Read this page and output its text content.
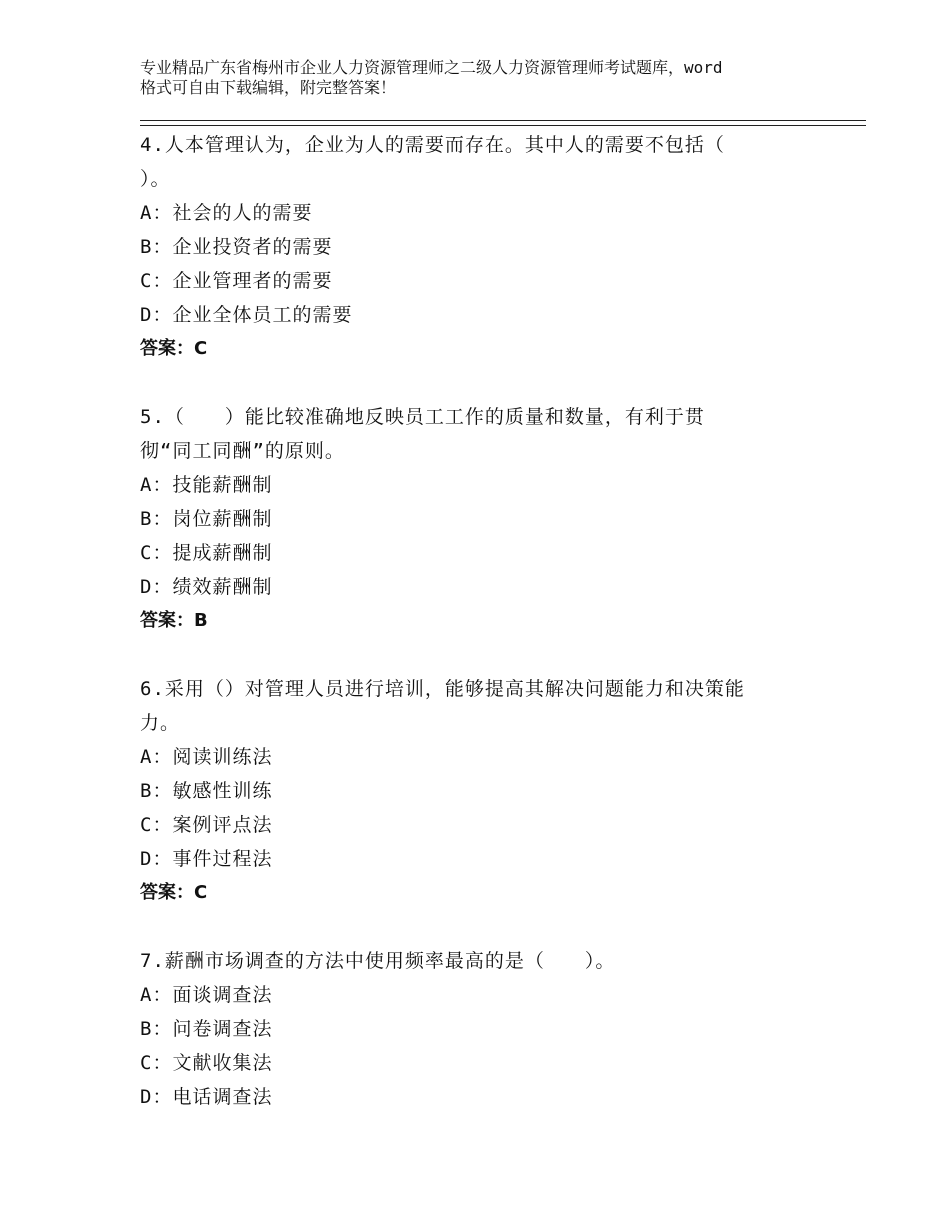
专业精品广东省梅州市企业人力资源管理师之二级人力资源管理师考试题库，word
格式可自由下载编辑，附完整答案！
4.人本管理认为，企业为人的需要而存在。其中人的需要不包括（
）。
A：社会的人的需要
B：企业投资者的需要
C：企业管理者的需要
D：企业全体员工的需要
答案：C
5.（　　）能比较准确地反映员工工作的质量和数量，有利于贯
彻“同工同酬”的原则。
A：技能薪酬制
B：岗位薪酬制
C：提成薪酬制
D：绩效薪酬制
答案：B
6.采用（）对管理人员进行培训，能够提高其解决问题能力和决策能
力。
A：阅读训练法
B：敏感性训练
C：案例评点法
D：事件过程法
答案：C
7.薪酬市场调查的方法中使用频率最高的是（　　）。
A：面谈调查法
B：问卷调查法
C：文献收集法
D：电话调查法
